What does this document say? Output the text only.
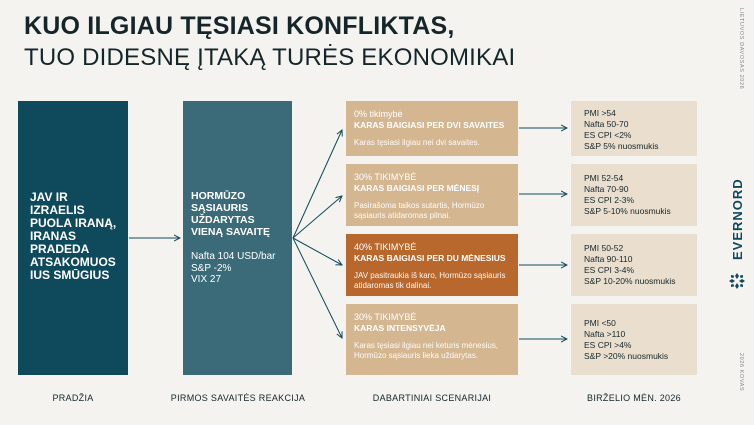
KUO ILGIAU TĘSIASI KONFLIKTAS,
TUO DIDESNĘ ĮTAKĄ TURĖS EKONOMIKAI
JAV IR
IZRAELIS
PUOLA IRANĄ,
IRANAS
PRADEDA
ATSAKOMUOS
IUS SMŪGIUS
HORMŪZO
SĄSIAURIS
UŽDARYTAS
VIENĄ SAVAITĘ
Nafta 104 USD/bar
S&P -2%
VIX 27
0% tikimybė
KARAS BAIGIASI PER DVI SAVAITES
Karas tęsiasi ilgiau nei dvi savaites.
30% TIKIMYBĖ
KARAS BAIGIASI PER MĖNESĮ
Pasirašoma taikos sutartis, Hormūzo sąsiauris atidaromas pilnai.
40% TIKIMYBĖ
KARAS BAIGIASI PER DU MĖNESIUS
JAV pasitraukia iš karo, Hormūzo sąsiauris atidaromas tik dalinai.
30% TIKIMYBĖ
KARAS INTENSYVĖJA
Karas tęsiasi ilgiau nei keturis mėnesius, Hormūzo sąsiauris lieka uždarytas.
PMI >54
Nafta 50-70
ES CPI <2%
S&P 5% nuosmukis
PMI 52-54
Nafta 70-90
ES CPI 2-3%
S&P 5-10% nuosmukis
PMI 50-52
Nafta 90-110
ES CPI 3-4%
S&P 10-20% nuosmukis
PMI <50
Nafta >110
ES CPI >4%
S&P >20% nuosmukis
PRADŽIA	PIRMOS SAVAITĖS REAKCIJA	DABARTINIAI SCENARIJAI	BIRŽELIO MĖN. 2026
LIETUVOS DAVOSAS 2026
2026 KOVAS
EVERNORD
